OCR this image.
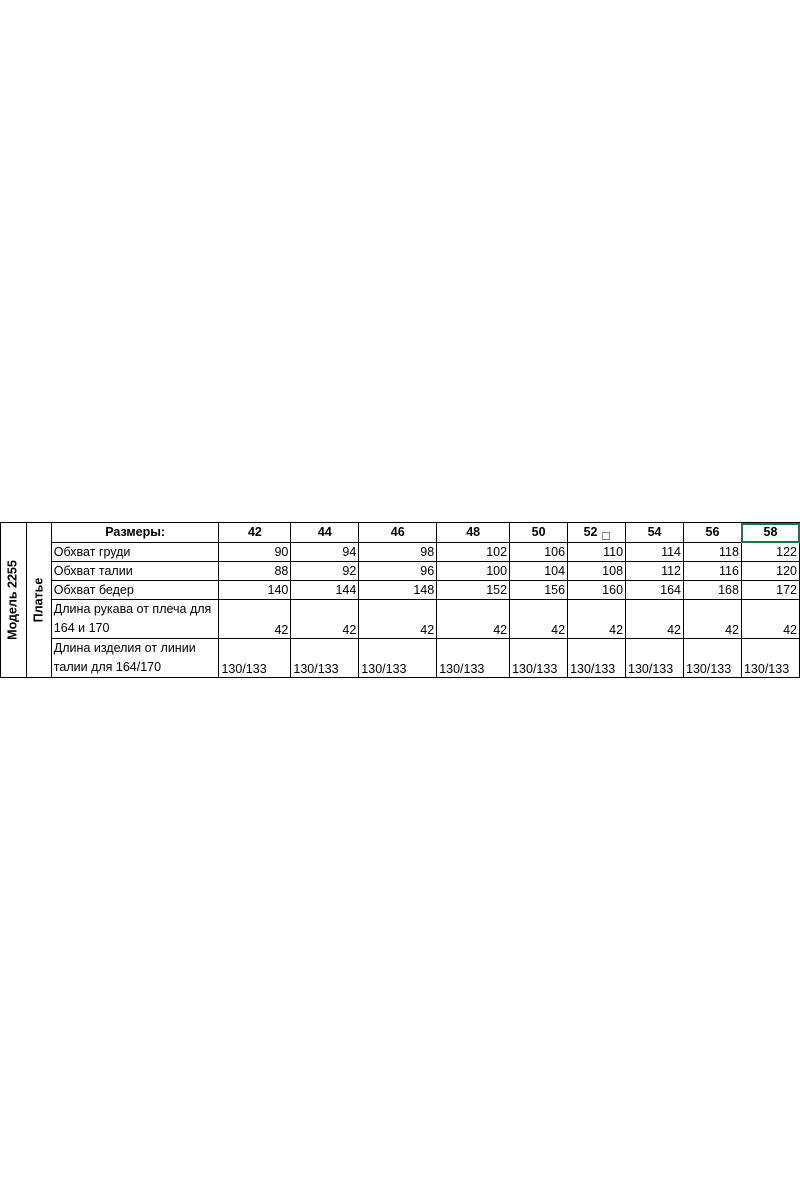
Модель 2255	Платье	Размеры:	42	44	46	48	50	52	54	56	58
		Обхват груди	90	94	98	102	106	110	114	118	122
		Обхват талии	88	92	96	100	104	108	112	116	120
		Обхват бедер	140	144	148	152	156	160	164	168	172
		Длина рукава от плеча для 164 и 170	42	42	42	42	42	42	42	42	42
		Длина изделия от линии талии для 164/170	130/133	130/133	130/133	130/133	130/133	130/133	130/133	130/133	130/133
